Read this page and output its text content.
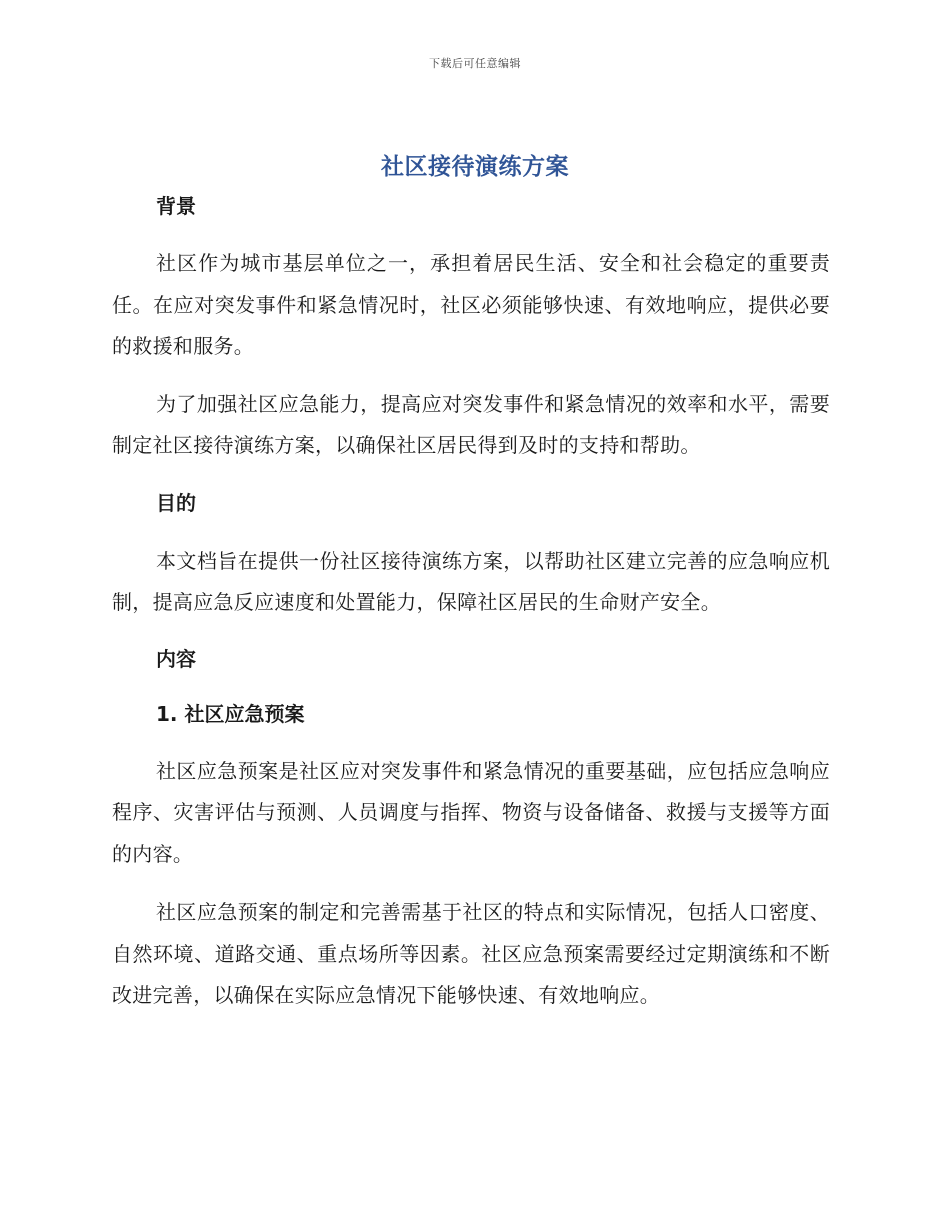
下载后可任意编辑
社区接待演练方案
背景

社区作为城市基层单位之一，承担着居民生活、安全和社会稳定的重要责任。在应对突发事件和紧急情况时，社区必须能够快速、有效地响应，提供必要的救援和服务。

为了加强社区应急能力，提高应对突发事件和紧急情况的效率和水平，需要制定社区接待演练方案，以确保社区居民得到及时的支持和帮助。

目的

本文档旨在提供一份社区接待演练方案，以帮助社区建立完善的应急响应机制，提高应急反应速度和处置能力，保障社区居民的生命财产安全。

内容
1. 社区应急预案

社区应急预案是社区应对突发事件和紧急情况的重要基础，应包括应急响应程序、灾害评估与预测、人员调度与指挥、物资与设备储备、救援与支援等方面的内容。

社区应急预案的制定和完善需基于社区的特点和实际情况，包括人口密度、自然环境、道路交通、重点场所等因素。社区应急预案需要经过定期演练和不断改进完善，以确保在实际应急情况下能够快速、有效地响应。
